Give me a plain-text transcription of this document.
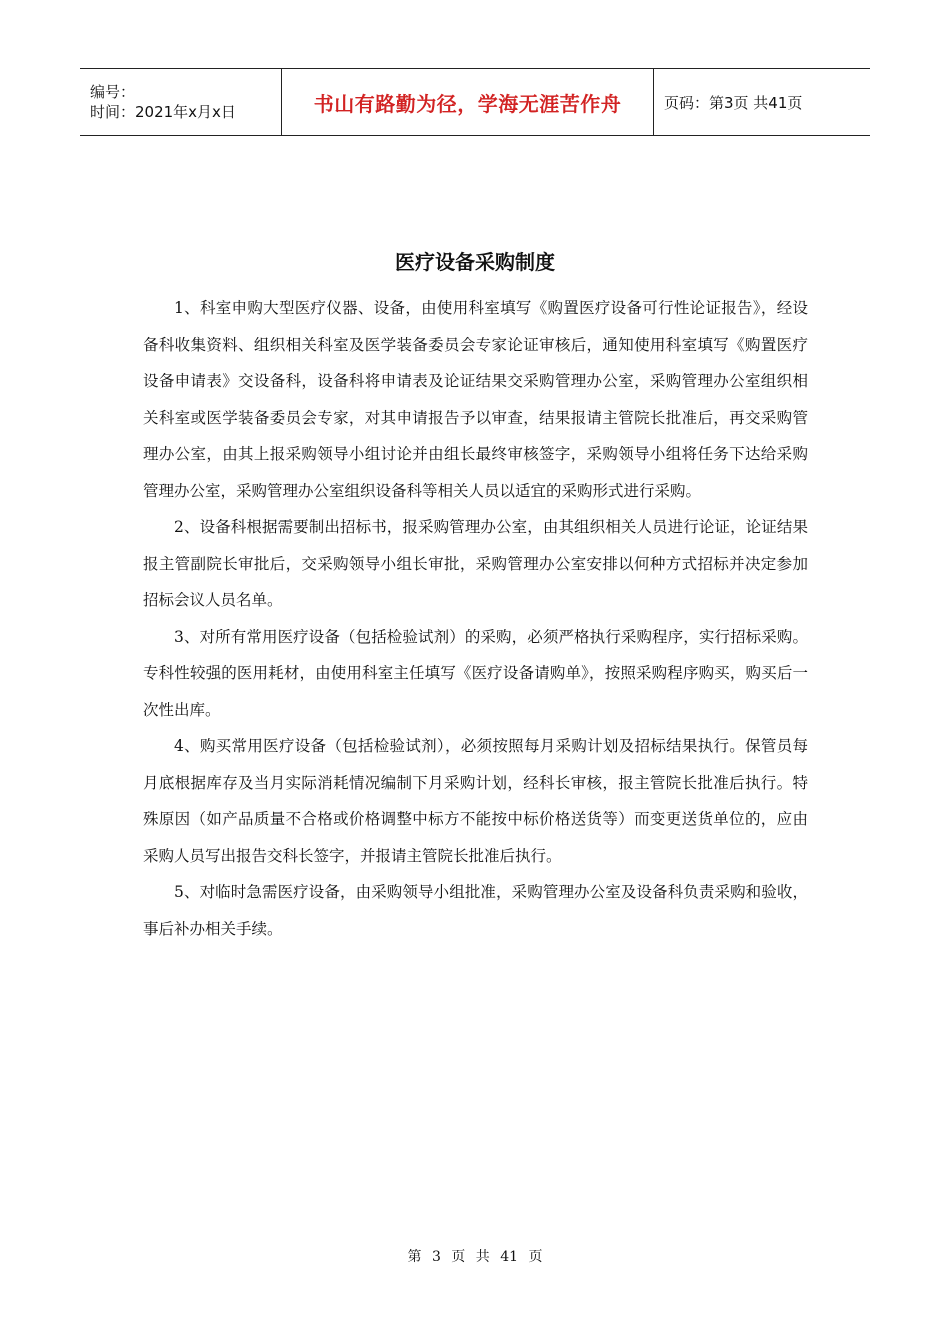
编号：
时间：2021年x月x日	书山有路勤为径，学海无涯苦作舟	页码：第3页 共41页
医疗设备采购制度

1、科室申购大型医疗仪器、设备，由使用科室填写《购置医疗设备可行性论证报告》，经设备科收集资料、组织相关科室及医学装备委员会专家论证审核后，通知使用科室填写《购置医疗设备申请表》交设备科，设备科将申请表及论证结果交采购管理办公室，采购管理办公室组织相关科室或医学装备委员会专家，对其申请报告予以审查，结果报请主管院长批准后，再交采购管理办公室，由其上报采购领导小组讨论并由组长最终审核签字，采购领导小组将任务下达给采购管理办公室，采购管理办公室组织设备科等相关人员以适宜的采购形式进行采购。

2、设备科根据需要制出招标书，报采购管理办公室，由其组织相关人员进行论证，论证结果报主管副院长审批后，交采购领导小组长审批，采购管理办公室安排以何种方式招标并决定参加招标会议人员名单。

3、对所有常用医疗设备（包括检验试剂）的采购，必须严格执行采购程序，实行招标采购。专科性较强的医用耗材，由使用科室主任填写《医疗设备请购单》，按照采购程序购买，购买后一次性出库。

4、购买常用医疗设备（包括检验试剂），必须按照每月采购计划及招标结果执行。保管员每月底根据库存及当月实际消耗情况编制下月采购计划，经科长审核，报主管院长批准后执行。特殊原因（如产品质量不合格或价格调整中标方不能按中标价格送货等）而变更送货单位的，应由采购人员写出报告交科长签字，并报请主管院长批准后执行。

5、对临时急需医疗设备，由采购领导小组批准，采购管理办公室及设备科负责采购和验收，事后补办相关手续。

第 3 页 共 41 页
